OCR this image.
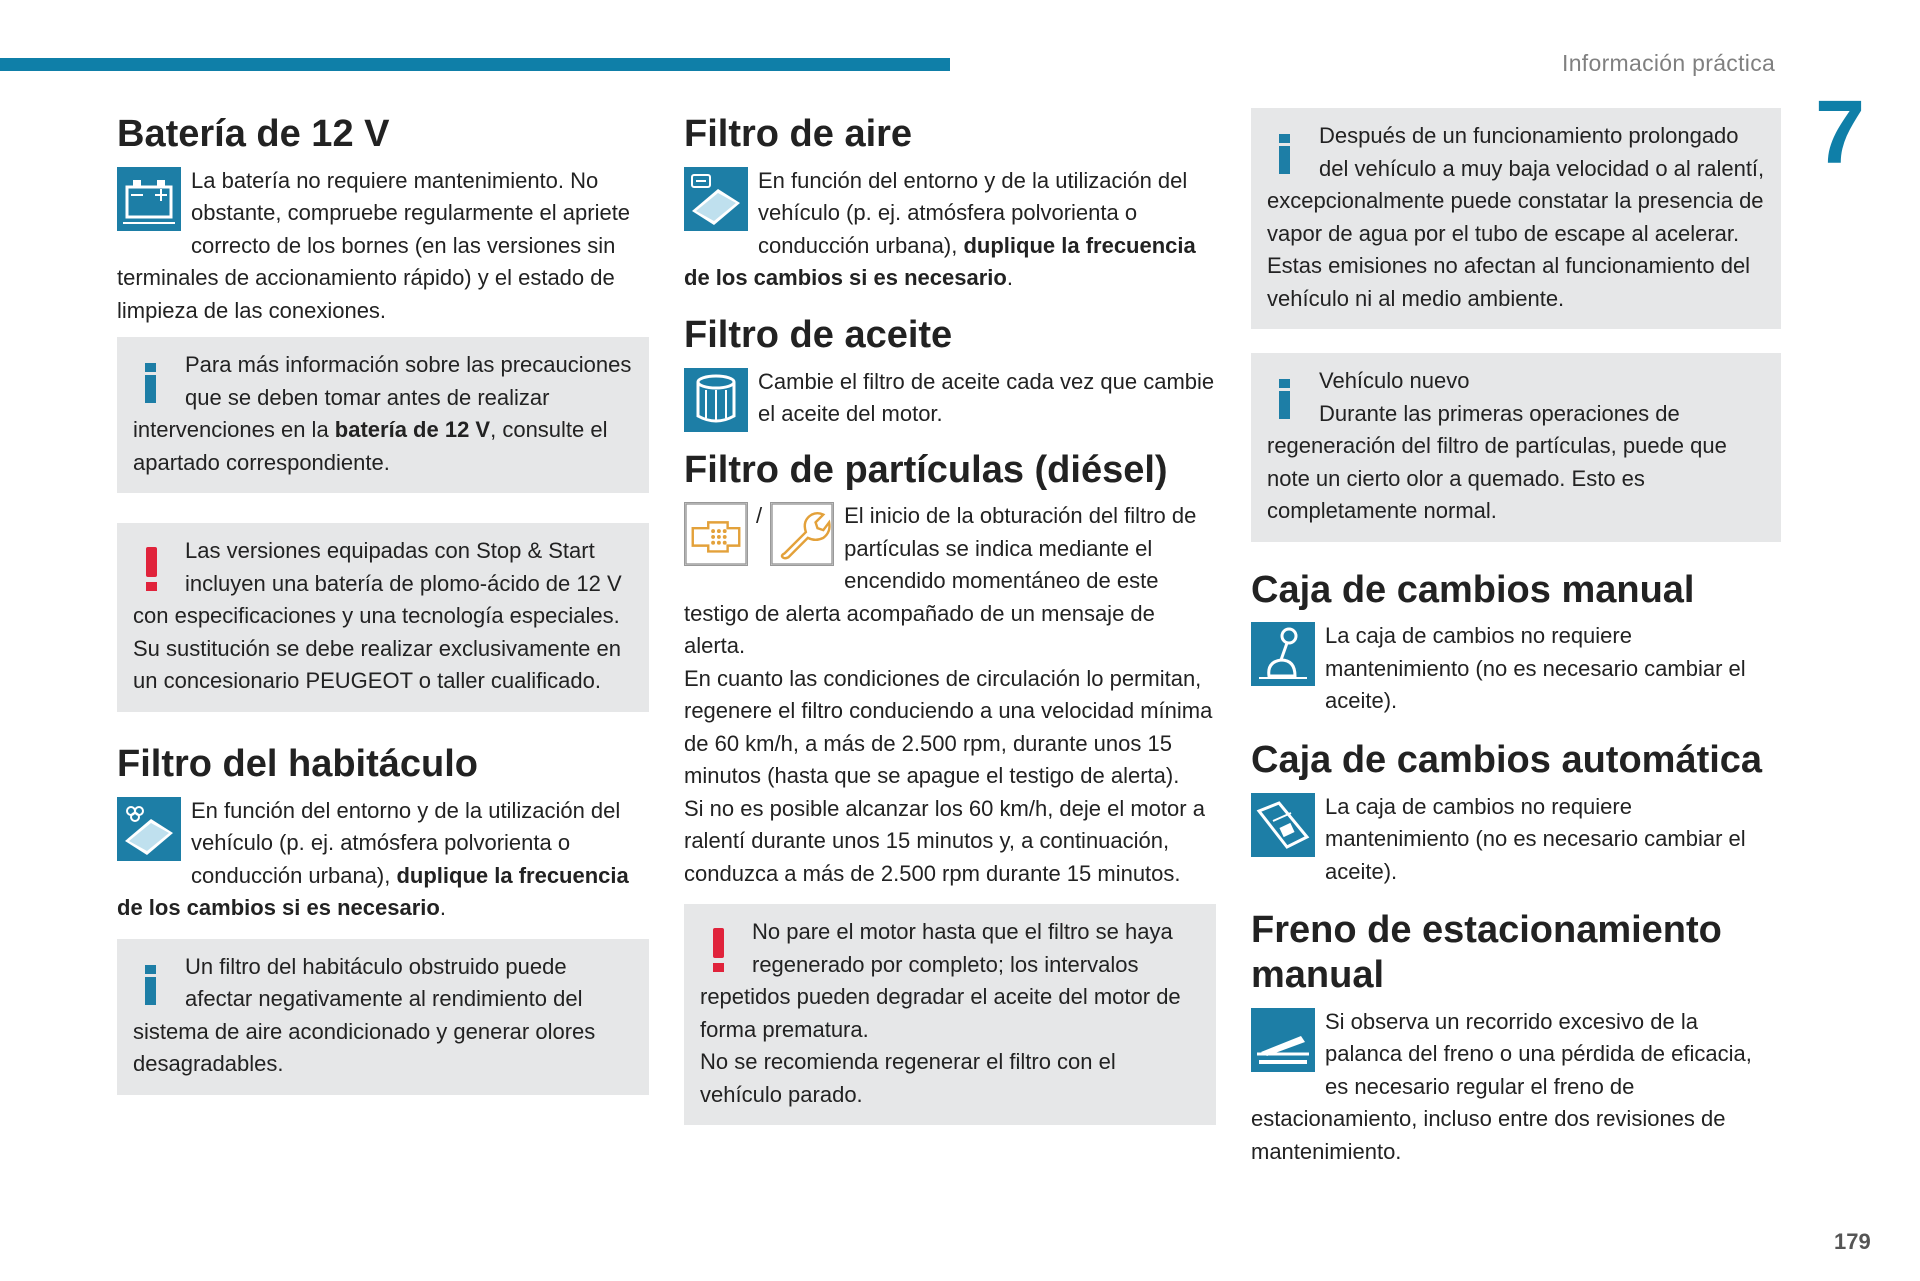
Información práctica
7
179
Batería de 12 V

La batería no requiere mantenimiento. No obstante, compruebe regularmente el apriete correcto de los bornes (en las versiones sin terminales de accionamiento rápido) y el estado de limpieza de las conexiones.

Para más información sobre las precauciones que se deben tomar antes de realizar intervenciones en la batería de 12 V, consulte el apartado correspondiente.

Las versiones equipadas con Stop & Start incluyen una batería de plomo-ácido de 12 V con especificaciones y una tecnología especiales.

Su sustitución se debe realizar exclusivamente en un concesionario PEUGEOT o taller cualificado.

Filtro del habitáculo

En función del entorno y de la utilización del vehículo (p. ej. atmósfera polvorienta o conducción urbana), duplique la frecuencia de los cambios si es necesario.

Un filtro del habitáculo obstruido puede afectar negativamente al rendimiento del sistema de aire acondicionado y generar olores desagradables.

Filtro de aire

En función del entorno y de la utilización del vehículo (p. ej. atmósfera polvorienta o conducción urbana), duplique la frecuencia de los cambios si es necesario.

Filtro de aceite

Cambie el filtro de aceite cada vez que cambie el aceite del motor.

Filtro de partículas (diésel)
/	El inicio de la obturación del filtro de partículas se indica mediante el encendido momentáneo de este testigo de alerta acompañado de un mensaje de alerta.

En cuanto las condiciones de circulación lo permitan, regenere el filtro conduciendo a una velocidad mínima de 60 km/h, a más de 2.500 rpm, durante unos 15 minutos (hasta que se apague el testigo de alerta).

Si no es posible alcanzar los 60 km/h, deje el motor a ralentí durante unos 15 minutos y, a continuación, conduzca a más de 2.500 rpm durante 15 minutos.

No pare el motor hasta que el filtro se haya regenerado por completo; los intervalos repetidos pueden degradar el aceite del motor de forma prematura.

No se recomienda regenerar el filtro con el vehículo parado.

Después de un funcionamiento prolongado del vehículo a muy baja velocidad o al ralentí, excepcionalmente puede constatar la presencia de vapor de agua por el tubo de escape al acelerar. Estas emisiones no afectan al funcionamiento del vehículo ni al medio ambiente.

Vehículo nuevo

Durante las primeras operaciones de regeneración del filtro de partículas, puede que note un cierto olor a quemado. Esto es completamente normal.

Caja de cambios manual

La caja de cambios no requiere mantenimiento (no es necesario cambiar el aceite).

Caja de cambios automática

La caja de cambios no requiere mantenimiento (no es necesario cambiar el aceite).

Freno de estacionamiento manual

Si observa un recorrido excesivo de la palanca del freno o una pérdida de eficacia, es necesario regular el freno de estacionamiento, incluso entre dos revisiones de mantenimiento.
